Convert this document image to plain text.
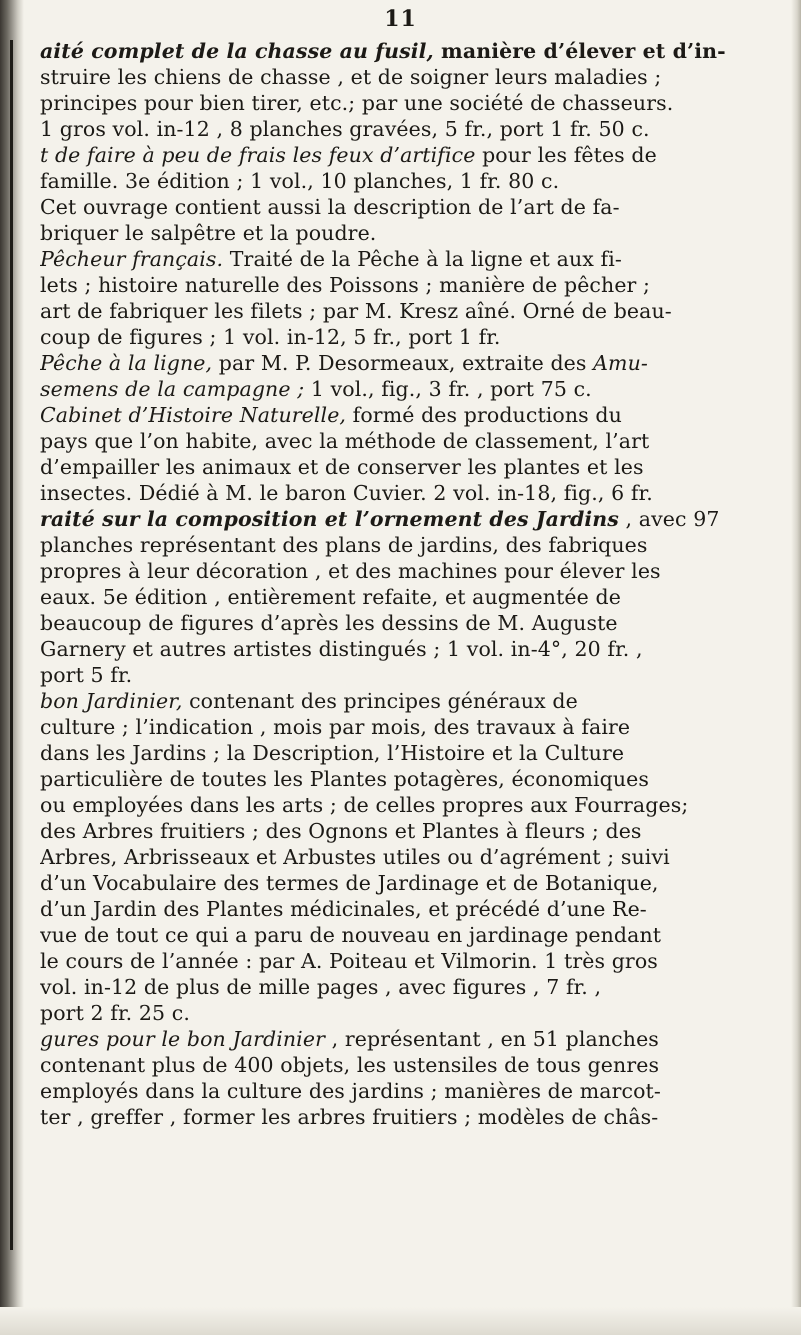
11
aité complet de la chasse au fusil, manière d’élever et d’in-
struire les chiens de chasse , et de soigner leurs maladies ;
principes pour bien tirer, etc.; par une société de chasseurs.
1 gros vol. in-12 , 8 planches gravées, 5 fr., port 1 fr. 50 c.
t de faire à peu de frais les feux d’artifice pour les fêtes de
famille. 3e édition ; 1 vol., 10 planches, 1 fr. 80 c.
Cet ouvrage contient aussi la description de l’art de fa-
briquer le salpêtre et la poudre.
Pêcheur français. Traité de la Pêche à la ligne et aux fi-
lets ; histoire naturelle des Poissons ; manière de pêcher ;
art de fabriquer les filets ; par M. Kresz aîné. Orné de beau-
coup de figures ; 1 vol. in-12, 5 fr., port 1 fr.
Pêche à la ligne, par M. P. Desormeaux, extraite des Amu-
semens de la campagne ; 1 vol., fig., 3 fr. , port 75 c.
Cabinet d’Histoire Naturelle, formé des productions du
pays que l’on habite, avec la méthode de classement, l’art
d’empailler les animaux et de conserver les plantes et les
insectes. Dédié à M. le baron Cuvier. 2 vol. in-18, fig., 6 fr.
raité sur la composition et l’ornement des Jardins , avec 97
planches représentant des plans de jardins, des fabriques
propres à leur décoration , et des machines pour élever les
eaux. 5e édition , entièrement refaite, et augmentée de
beaucoup de figures d’après les dessins de M. Auguste
Garnery et autres artistes distingués ; 1 vol. in-4°, 20 fr. ,
port 5 fr.
bon Jardinier, contenant des principes généraux de
culture ; l’indication , mois par mois, des travaux à faire
dans les Jardins ; la Description, l’Histoire et la Culture
particulière de toutes les Plantes potagères, économiques
ou employées dans les arts ; de celles propres aux Fourrages;
des Arbres fruitiers ; des Ognons et Plantes à fleurs ; des
Arbres, Arbrisseaux et Arbustes utiles ou d’agrément ; suivi
d’un Vocabulaire des termes de Jardinage et de Botanique,
d’un Jardin des Plantes médicinales, et précédé d’une Re-
vue de tout ce qui a paru de nouveau en jardinage pendant
le cours de l’année : par A. Poiteau et Vilmorin. 1 très gros
vol. in-12 de plus de mille pages , avec figures , 7 fr. ,
port 2 fr. 25 c.
gures pour le bon Jardinier , représentant , en 51 planches
contenant plus de 400 objets, les ustensiles de tous genres
employés dans la culture des jardins ; manières de marcot-
ter , greffer , former les arbres fruitiers ; modèles de châs-
